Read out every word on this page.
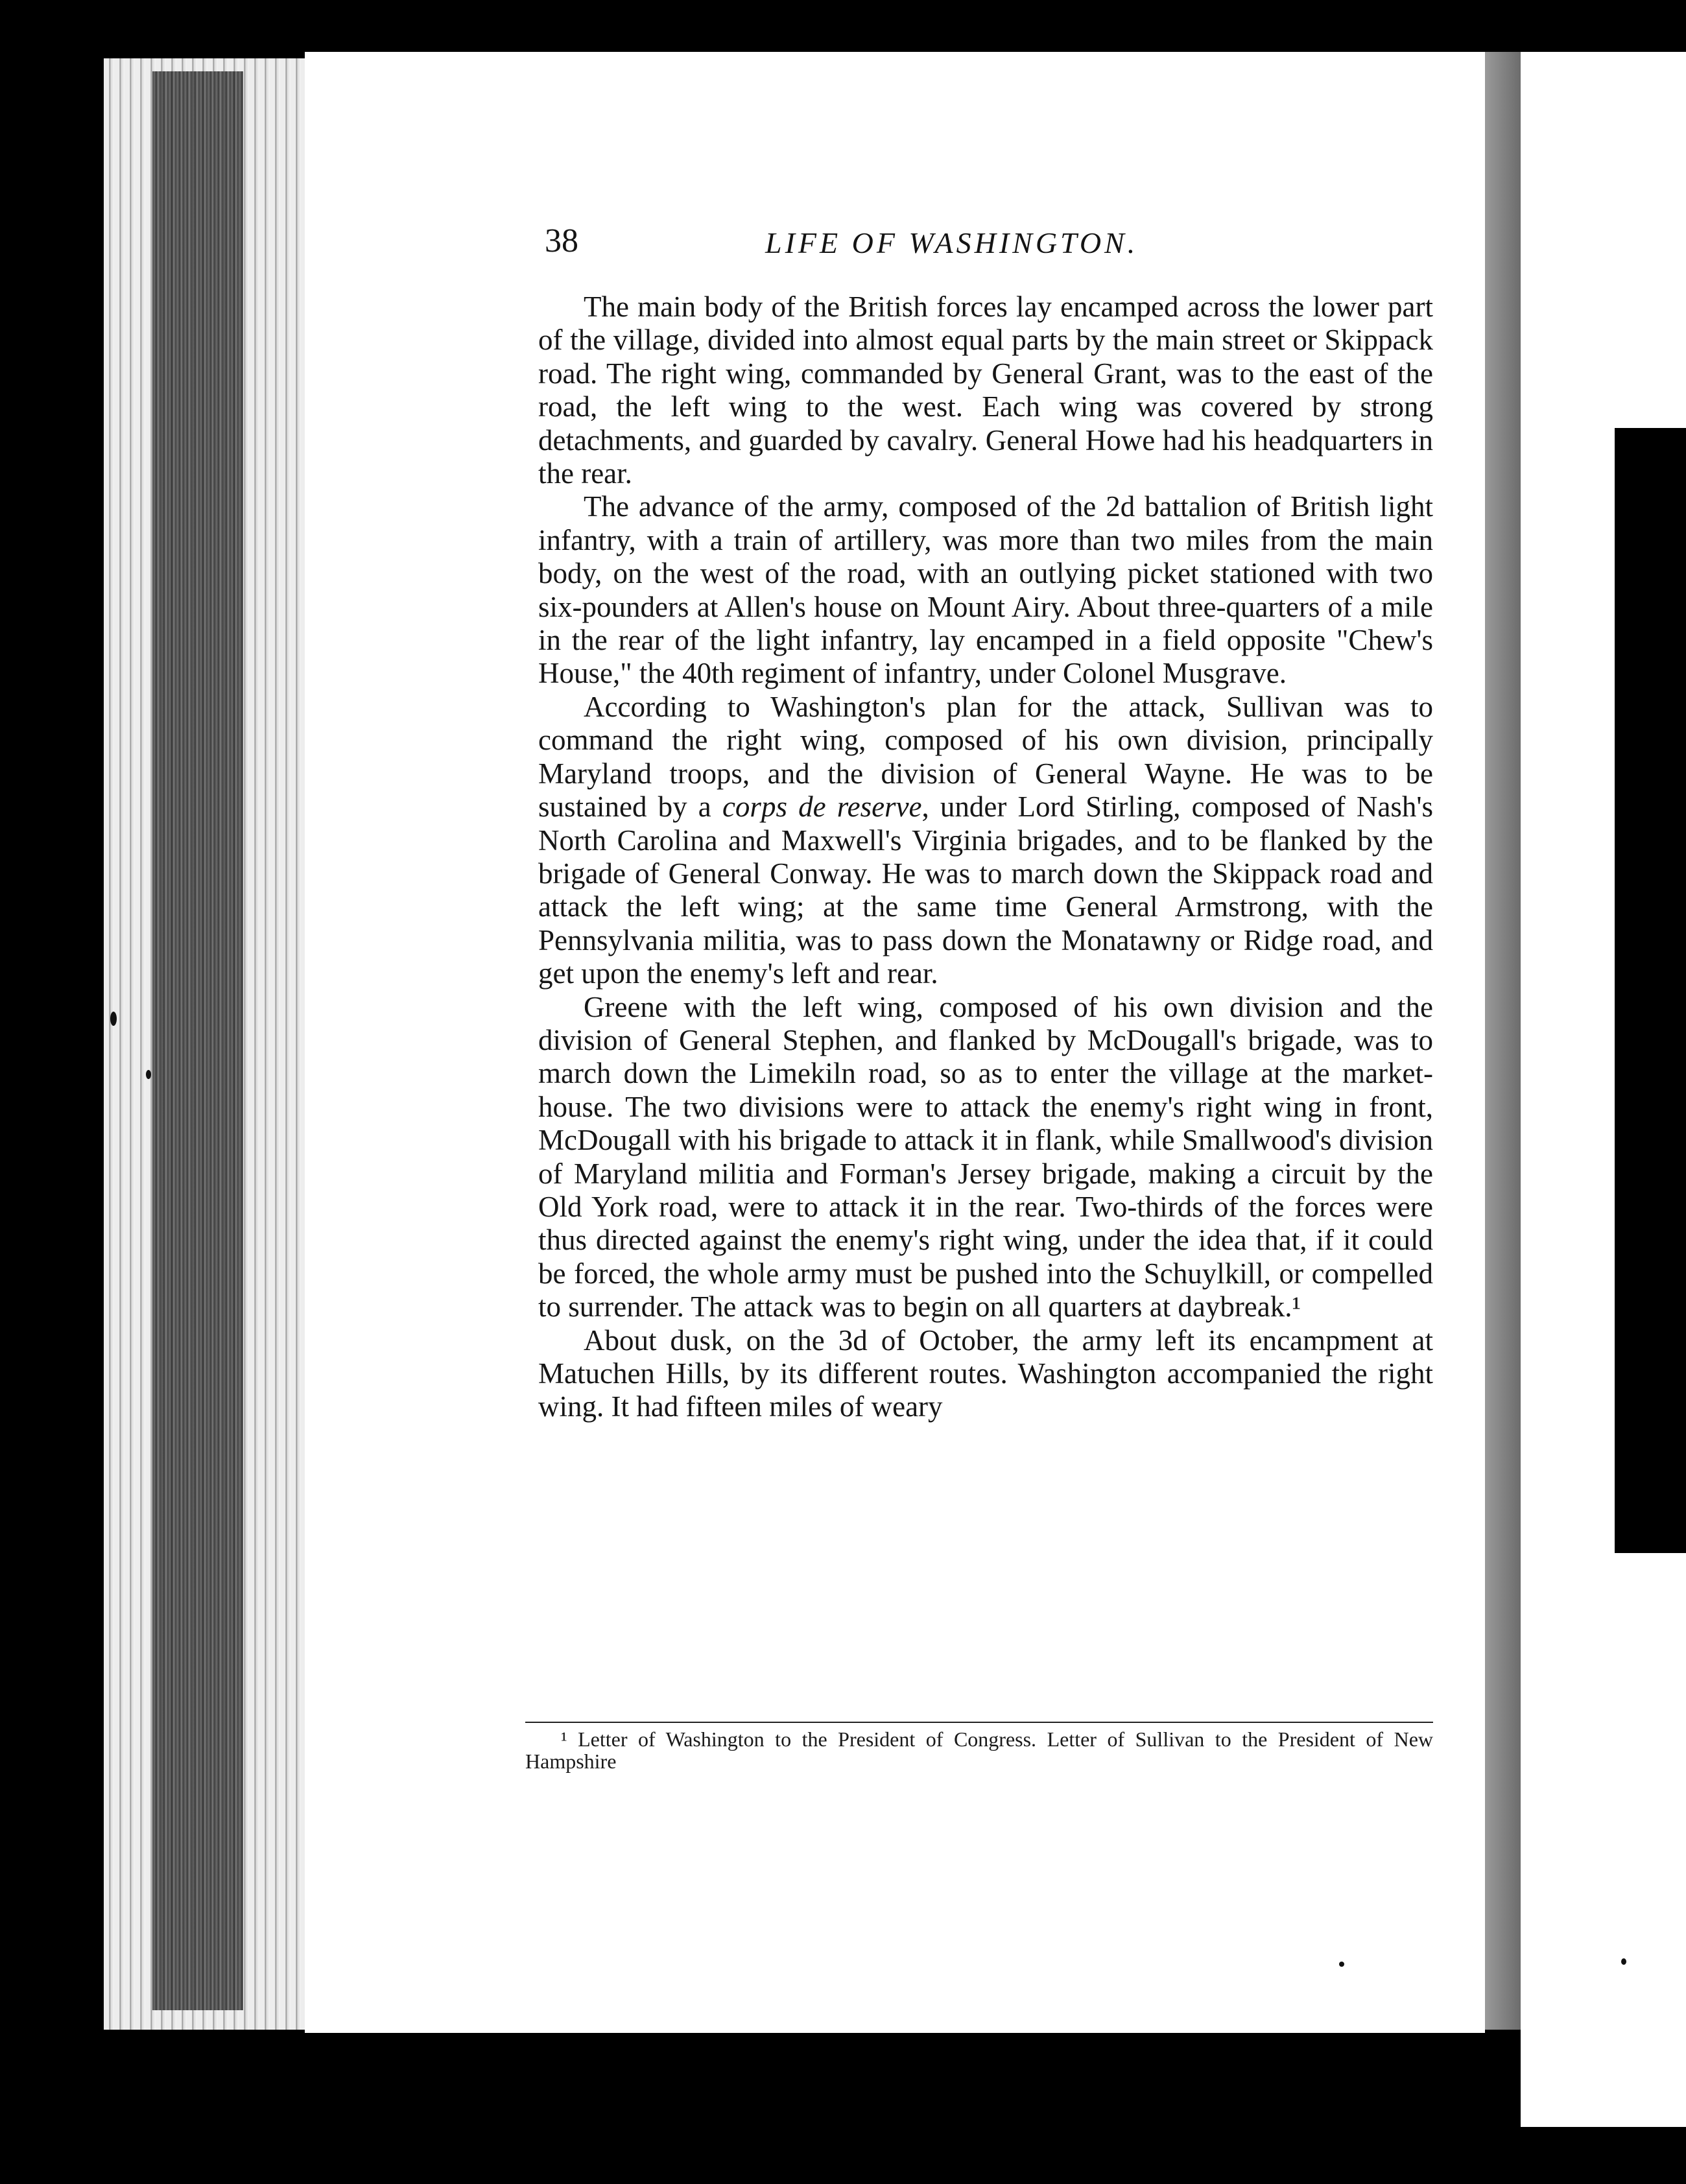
38	LIFE OF WASHINGTON.

The main body of the British forces lay encamped across the lower part of the village, divided into almost equal parts by the main street or Skippack road. The right wing, commanded by General Grant, was to the east of the road, the left wing to the west. Each wing was covered by strong detachments, and guarded by cavalry. General Howe had his headquarters in the rear.

The advance of the army, composed of the 2d battalion of British light infantry, with a train of artillery, was more than two miles from the main body, on the west of the road, with an outlying picket stationed with two six-pounders at Allen's house on Mount Airy. About three-quarters of a mile in the rear of the light infantry, lay encamped in a field opposite "Chew's House," the 40th regiment of infantry, under Colonel Musgrave.

According to Washington's plan for the attack, Sullivan was to command the right wing, composed of his own division, principally Maryland troops, and the division of General Wayne. He was to be sustained by a corps de reserve, under Lord Stirling, composed of Nash's North Carolina and Maxwell's Virginia brigades, and to be flanked by the brigade of General Conway. He was to march down the Skippack road and attack the left wing; at the same time General Armstrong, with the Pennsylvania militia, was to pass down the Monatawny or Ridge road, and get upon the enemy's left and rear.

Greene with the left wing, composed of his own division and the division of General Stephen, and flanked by McDougall's brigade, was to march down the Limekiln road, so as to enter the village at the market-house. The two divisions were to attack the enemy's right wing in front, McDougall with his brigade to attack it in flank, while Smallwood's division of Maryland militia and Forman's Jersey brigade, making a circuit by the Old York road, were to attack it in the rear. Two-thirds of the forces were thus directed against the enemy's right wing, under the idea that, if it could be forced, the whole army must be pushed into the Schuylkill, or compelled to surrender. The attack was to begin on all quarters at daybreak.¹

About dusk, on the 3d of October, the army left its encampment at Matuchen Hills, by its different routes. Washington accompanied the right wing. It had fifteen miles of weary

¹ Letter of Washington to the President of Congress. Letter of Sullivan to the President of New Hampshire
